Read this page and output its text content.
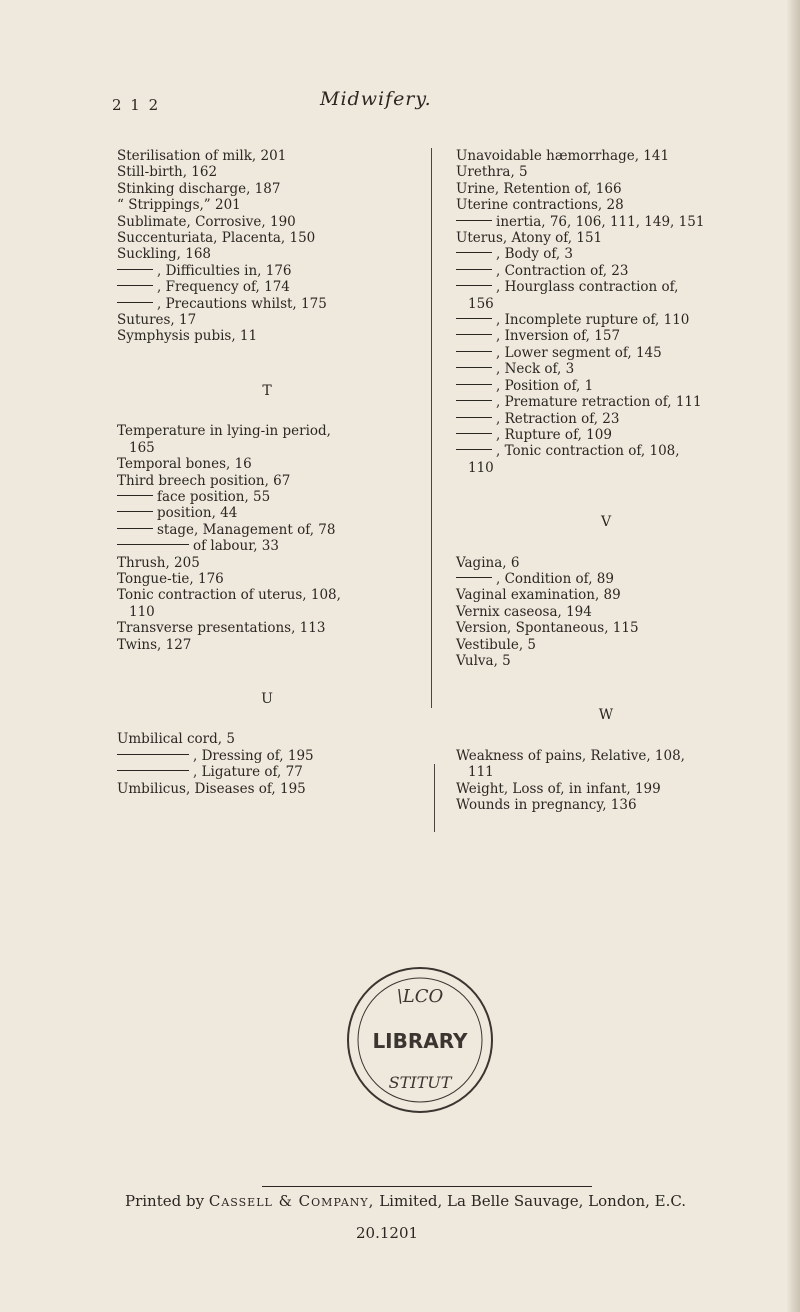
2 1 2	Midwifery.
Sterilisation of milk, 201
Still-birth, 162
Stinking discharge, 187
“ Strippings,” 201
Sublimate, Corrosive, 190
Succenturiata, Placenta, 150
Suckling, 168
, Difficulties in, 176
, Frequency of, 174
, Precautions whilst, 175
Sutures, 17
Symphysis pubis, 11
T
Temperature in lying-in period,
165
Temporal bones, 16
Third breech position, 67
face position, 55
position, 44
stage, Management of, 78
of labour, 33
Thrush, 205
Tongue-tie, 176
Tonic contraction of uterus, 108,
110
Transverse presentations, 113
Twins, 127
U
Umbilical cord, 5
, Dressing of, 195
, Ligature of, 77
Umbilicus, Diseases of, 195
Unavoidable hæmorrhage, 141
Urethra, 5
Urine, Retention of, 166
Uterine contractions, 28
inertia, 76, 106, 111, 149, 151
Uterus, Atony of, 151
, Body of, 3
, Contraction of, 23
, Hourglass contraction of,
156
, Incomplete rupture of, 110
, Inversion of, 157
, Lower segment of, 145
, Neck of, 3
, Position of, 1
, Premature retraction of, 111
, Retraction of, 23
, Rupture of, 109
, Tonic contraction of, 108,
110
V
Vagina, 6
, Condition of, 89
Vaginal examination, 89
Vernix caseosa, 194
Version, Spontaneous, 115
Vestibule, 5
Vulva, 5
W
Weakness of pains, Relative, 108,
111
Weight, Loss of, in infant, 199
Wounds in pregnancy, 136
\LCO
LIBRARY
STITUT
Printed by Cassell & Company, Limited, La Belle Sauvage, London, E.C.
20.1201
